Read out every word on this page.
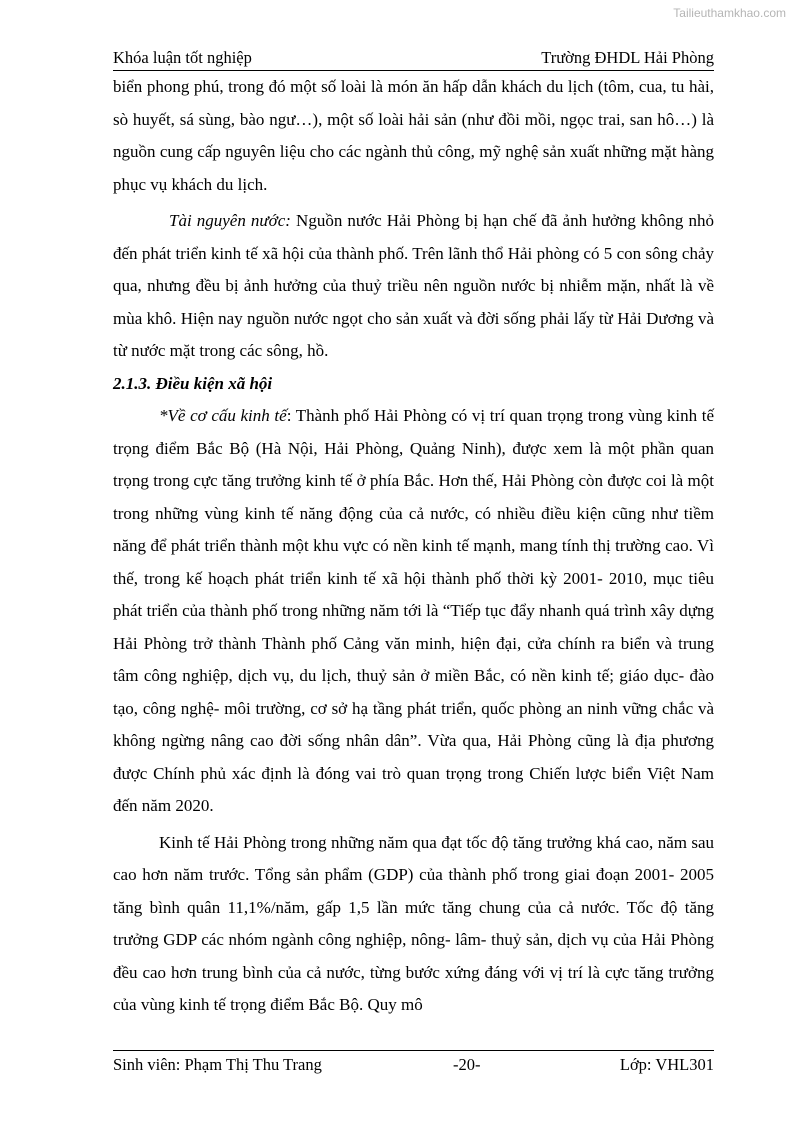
Tailieuthamkhao.com
Khóa luận tốt nghiệp	Trường ĐHDL Hải Phòng

biển phong phú, trong đó một số loài là món ăn hấp dẫn khách du lịch (tôm, cua, tu hài, sò huyết, sá sùng, bào ngư…), một số loài hải sản (như đồi mồi, ngọc trai, san hô…) là nguồn cung cấp nguyên liệu cho các ngành thủ công, mỹ nghệ sản xuất những mặt hàng phục vụ khách du lịch.

Tài nguyên nước: Nguồn nước Hải Phòng bị hạn chế đã ảnh hưởng không nhỏ đến phát triển kinh tế xã hội của thành phố. Trên lãnh thổ Hải phòng có 5 con sông chảy qua, nhưng đều bị ảnh hưởng của thuỷ triều nên nguồn nước bị nhiễm mặn, nhất là về mùa khô. Hiện nay nguồn nước ngọt cho sản xuất và đời sống phải lấy từ Hải Dương và từ nước mặt trong các sông, hồ.

2.1.3. Điều kiện xã hội

*Về cơ cấu kinh tế: Thành phố Hải Phòng có vị trí quan trọng trong vùng kinh tế trọng điểm Bắc Bộ (Hà Nội, Hải Phòng, Quảng Ninh), được xem là một phần quan trọng trong cực tăng trưởng kinh tế ở phía Bắc. Hơn thế, Hải Phòng còn được coi là một trong những vùng kinh tế năng động của cả nước, có nhiều điều kiện cũng như tiềm năng để phát triển thành một khu vực có nền kinh tế mạnh, mang tính thị trường cao. Vì thế, trong kế hoạch phát triển kinh tế xã hội thành phố thời kỳ 2001- 2010, mục tiêu phát triển của thành phố trong những năm tới là “Tiếp tục đẩy nhanh quá trình xây dựng Hải Phòng trở thành Thành phố Cảng văn minh, hiện đại, cửa chính ra biển và trung tâm công nghiệp, dịch vụ, du lịch, thuỷ sản ở miền Bắc, có nền kinh tế; giáo dục- đào tạo, công nghệ- môi trường, cơ sở hạ tầng phát triển, quốc phòng an ninh vững chắc và không ngừng nâng cao đời sống nhân dân”. Vừa qua, Hải Phòng cũng là địa phương được Chính phủ xác định là đóng vai trò quan trọng trong Chiến lược biển Việt Nam đến năm 2020.

Kinh tế Hải Phòng trong những năm qua đạt tốc độ tăng trưởng khá cao, năm sau cao hơn năm trước. Tổng sản phẩm (GDP) của thành phố trong giai đoạn 2001- 2005 tăng bình quân 11,1%/năm, gấp 1,5 lần mức tăng chung của cả nước. Tốc độ tăng trưởng GDP các nhóm ngành công nghiệp, nông- lâm- thuỷ sản, dịch vụ của Hải Phòng đều cao hơn trung bình của cả nước, từng bước xứng đáng với vị trí là cực tăng trưởng của vùng kinh tế trọng điểm Bắc Bộ. Quy mô

Sinh viên: Phạm Thị Thu Trang	-20-	Lớp: VHL301
